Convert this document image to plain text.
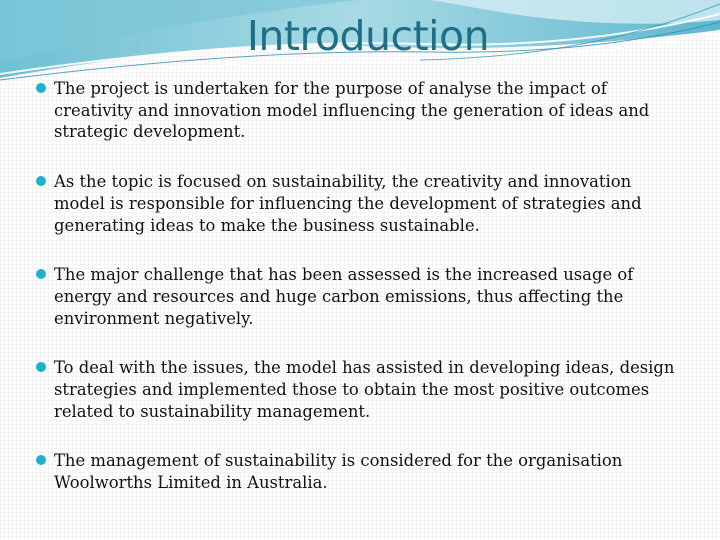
Introduction
The project is undertaken for the purpose of analyse the impact of creativity and innovation model influencing the generation of ideas and strategic development.
As the topic is focused on sustainability, the creativity and innovation model is responsible for influencing the development of strategies and generating ideas to make the business sustainable.
The major challenge that has been assessed is the increased usage of energy and resources and huge carbon emissions, thus affecting the environment negatively.
To deal with the issues, the model has assisted in developing ideas, design strategies and implemented those to obtain the most positive outcomes related to sustainability management.
The management of sustainability is considered for the organisation Woolworths Limited in Australia.
